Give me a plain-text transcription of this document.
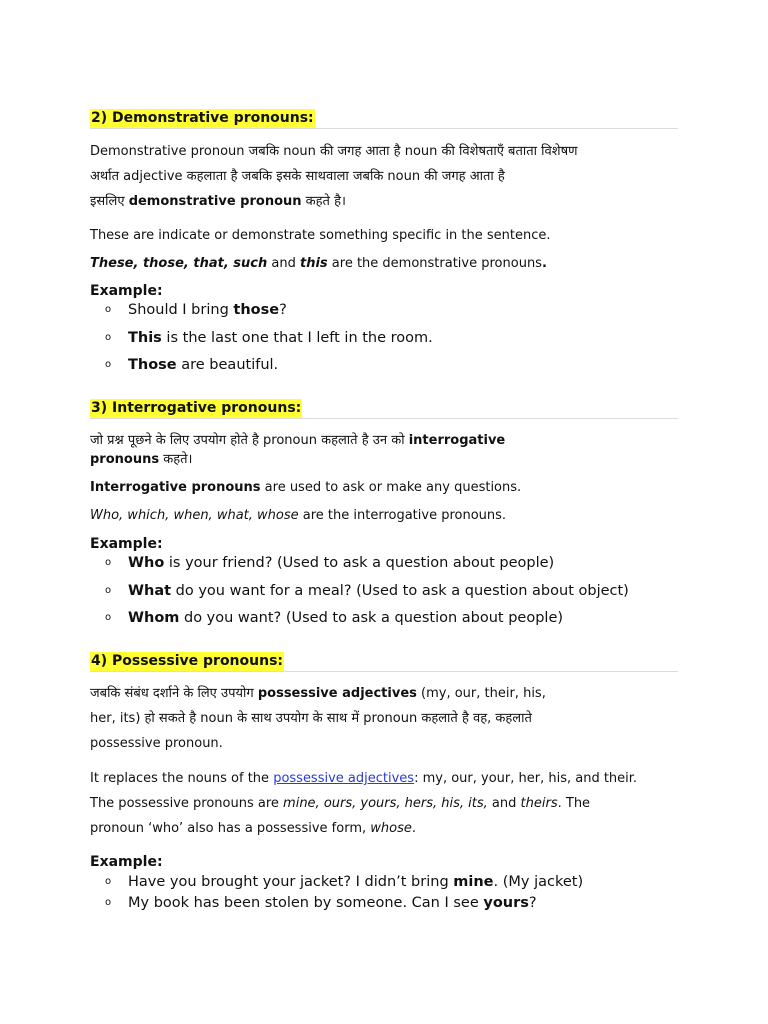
2) Demonstrative pronouns:
Demonstrative pronoun जबकि noun की जगह आता है noun की विशेषताएँ बताता विशेषण
अर्थात adjective कहलाता है जबकि इसके साथवाला जबकि noun की जगह आता है
इसलिए demonstrative pronoun कहते है।
These are indicate or demonstrate something specific in the sentence.
These, those, that, such and this are the demonstrative pronouns.
Example:
o Should I bring those?
o This is the last one that I left in the room.
o Those are beautiful.
3) Interrogative pronouns:
जो प्रश्न पूछने के लिए उपयोग होते है pronoun कहलाते है उन को interrogative
pronouns कहते।
Interrogative pronouns are used to ask or make any questions.
Who, which, when, what, whose are the interrogative pronouns.
Example:
o Who is your friend? (Used to ask a question about people)
o What do you want for a meal? (Used to ask a question about object)
o Whom do you want? (Used to ask a question about people)
4) Possessive pronouns:
जबकि संबंध दर्शाने के लिए उपयोग possessive adjectives (my, our, their, his,
her, its) हो सकते है noun के साथ उपयोग के साथ में pronoun कहलाते है वह, कहलाते
possessive pronoun.
It replaces the nouns of the possessive adjectives: my, our, your, her, his, and their.
The possessive pronouns are mine, ours, yours, hers, his, its, and theirs. The
pronoun ‘who’ also has a possessive form, whose.
Example:
o Have you brought your jacket? I didn’t bring mine. (My jacket)
o My book has been stolen by someone. Can I see yours?
